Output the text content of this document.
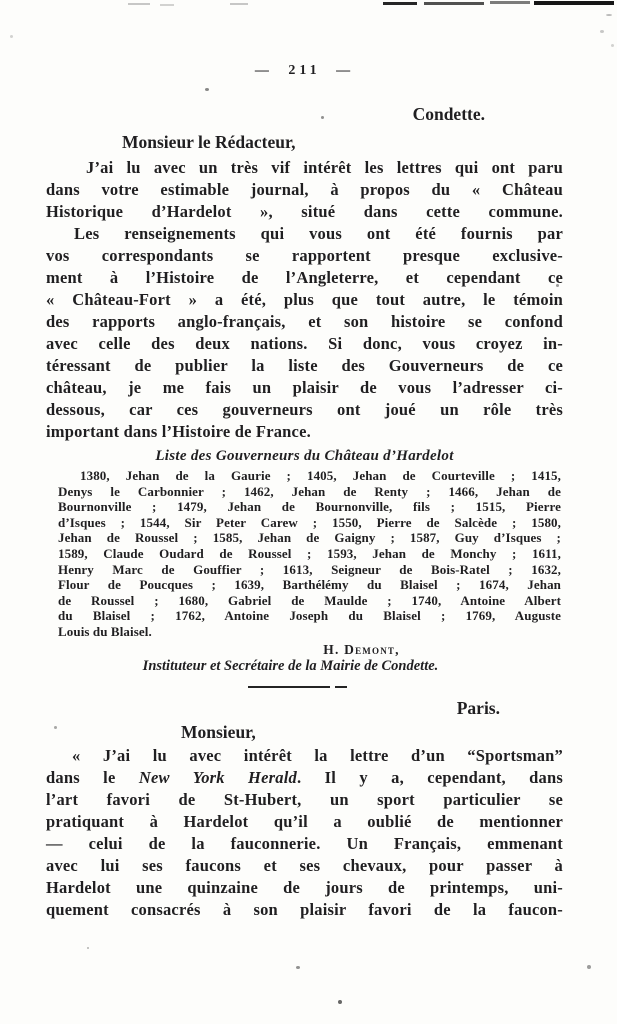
— 211 —
Condette.
Monsieur le Rédacteur,
J’ai lu avec un très vif intérêt les lettres qui ont paru
dans votre estimable journal, à propos du « Château
Historique d’Hardelot », situé dans cette commune.
Les renseignements qui vous ont été fournis par
vos correspondants se rapportent presque exclusive-
ment à l’Histoire de l’Angleterre, et cependant ce
« Château-Fort » a été, plus que tout autre, le témoin
des rapports anglo-français, et son histoire se confond
avec celle des deux nations. Si donc, vous croyez in-
téressant de publier la liste des Gouverneurs de ce
château, je me fais un plaisir de vous l’adresser ci-
dessous, car ces gouverneurs ont joué un rôle très
important dans l’Histoire de France.
Liste des Gouverneurs du Château d’Hardelot
1380, Jehan de la Gaurie ; 1405, Jehan de Courteville ; 1415,
Denys le Carbonnier ; 1462, Jehan de Renty ; 1466, Jehan de
Bournonville ; 1479, Jehan de Bournonville, fils ; 1515, Pierre
d’Isques ; 1544, Sir Peter Carew ; 1550, Pierre de Salcède ; 1580,
Jehan de Roussel ; 1585, Jehan de Gaigny ; 1587, Guy d’Isques ;
1589, Claude Oudard de Roussel ; 1593, Jehan de Monchy ; 1611,
Henry Marc de Gouffier ; 1613, Seigneur de Bois-Ratel ; 1632,
Flour de Poucques ; 1639, Barthélémy du Blaisel ; 1674, Jehan
de Roussel ; 1680, Gabriel de Maulde ; 1740, Antoine Albert
du Blaisel ; 1762, Antoine Joseph du Blaisel ; 1769, Auguste
Louis du Blaisel.
H. Demont,
Instituteur et Secrétaire de la Mairie de Condette.
Paris.
Monsieur,
« J’ai lu avec intérêt la lettre d’un “Sportsman”
dans le New York Herald. Il y a, cependant, dans
l’art favori de St-Hubert, un sport particulier se
pratiquant à Hardelot qu’il a oublié de mentionner
— celui de la fauconnerie. Un Français, emmenant
avec lui ses faucons et ses chevaux, pour passer à
Hardelot une quinzaine de jours de printemps, uni-
quement consacrés à son plaisir favori de la faucon-
